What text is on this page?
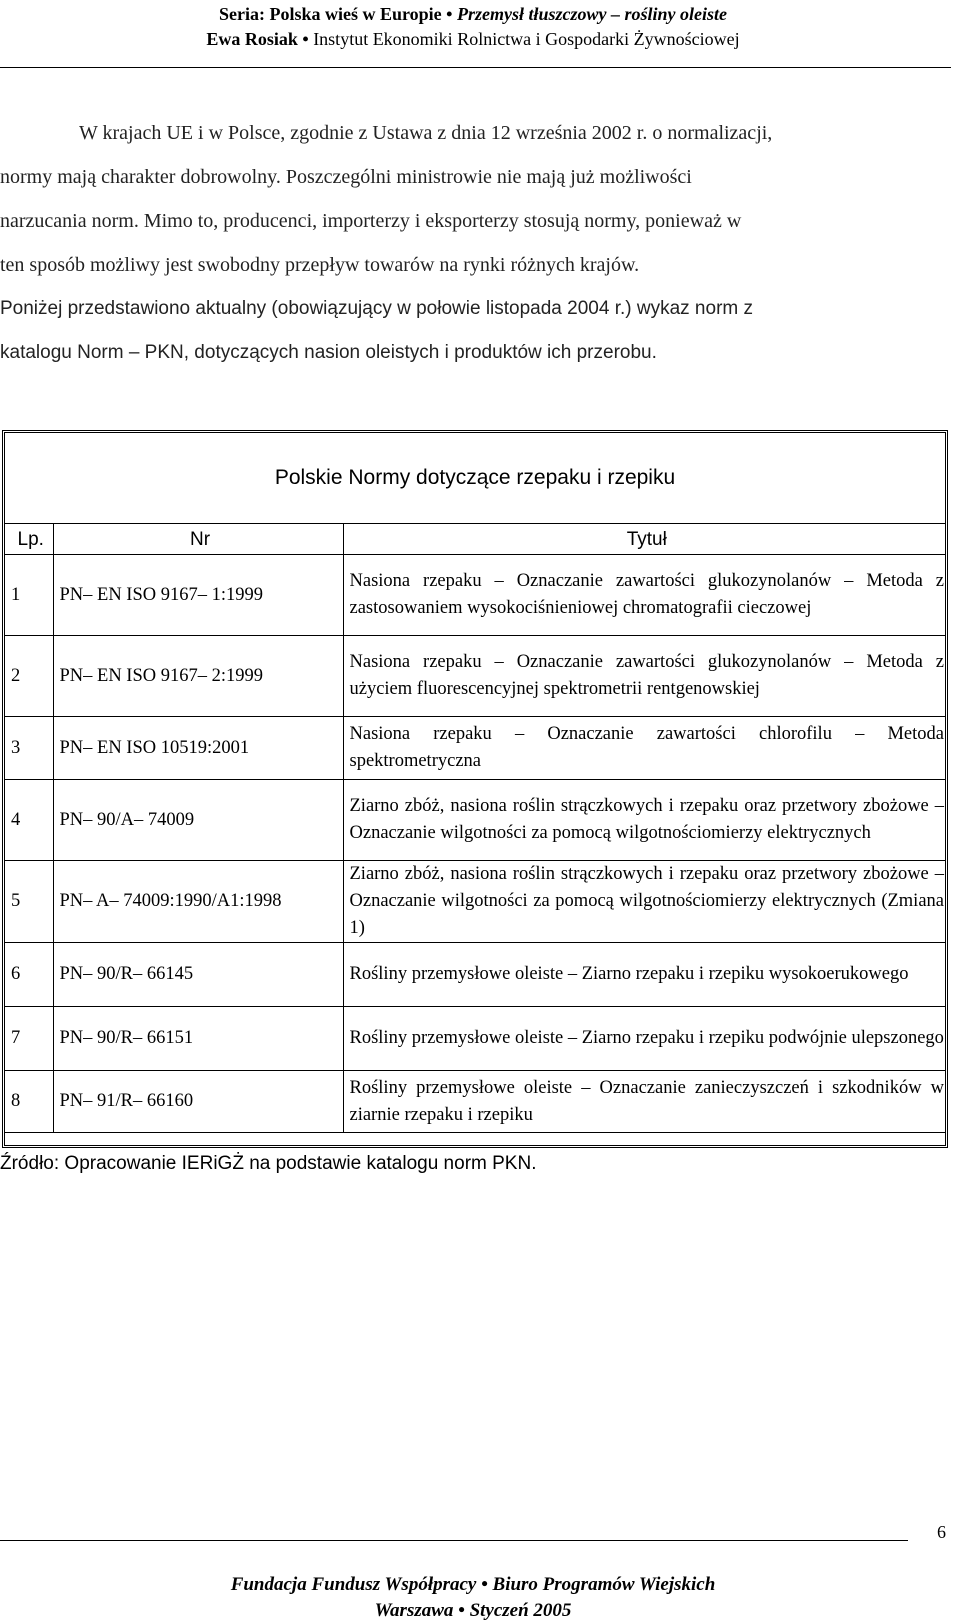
Seria: Polska wieś w Europie • Przemysł tłuszczowy – rośliny oleiste
Ewa Rosiak • Instytut Ekonomiki Rolnictwa i Gospodarki Żywnościowej
W krajach UE i w Polsce, zgodnie z Ustawa z dnia 12 września 2002 r. o normalizacji,
normy mają charakter dobrowolny. Poszczególni ministrowie nie mają już możliwości
narzucania norm. Mimo to, producenci, importerzy i eksporterzy stosują normy, ponieważ w
ten sposób możliwy jest swobodny przepływ towarów na rynki różnych krajów.
Poniżej przedstawiono aktualny (obowiązujący w połowie listopada 2004 r.) wykaz norm z
katalogu Norm – PKN, dotyczących nasion oleistych i produktów ich przerobu.
Polskie Normy dotyczące rzepaku i rzepiku
Lp.	Nr	Tytuł
1	PN– EN ISO 9167– 1:1999	Nasiona rzepaku – Oznaczanie zawartości glukozynolanów – Metoda z zastosowaniem wysokociśnieniowej chromatografii cieczowej
2	PN– EN ISO 9167– 2:1999	Nasiona rzepaku – Oznaczanie zawartości glukozynolanów – Metoda z użyciem fluorescencyjnej spektrometrii rentgenowskiej
3	PN– EN ISO 10519:2001	Nasiona rzepaku – Oznaczanie zawartości chlorofilu – Metoda spektrometryczna
4	PN– 90/A– 74009	Ziarno zbóż, nasiona roślin strączkowych i rzepaku oraz przetwory zbożowe – Oznaczanie wilgotności za pomocą wilgotnościomierzy elektrycznych
5	PN– A– 74009:1990/A1:1998	Ziarno zbóż, nasiona roślin strączkowych i rzepaku oraz przetwory zbożowe – Oznaczanie wilgotności za pomocą wilgotnościomierzy elektrycznych (Zmiana 1)
6	PN– 90/R– 66145	Rośliny przemysłowe oleiste – Ziarno rzepaku i rzepiku wysokoerukowego
7	PN– 90/R– 66151	Rośliny przemysłowe oleiste – Ziarno rzepaku i rzepiku podwójnie ulepszonego
8	PN– 91/R– 66160	Rośliny przemysłowe oleiste – Oznaczanie zanieczyszczeń i szkodników w ziarnie rzepaku i rzepiku
Źródło: Opracowanie IERiGŻ na podstawie katalogu norm PKN.
6
Fundacja Fundusz Współpracy • Biuro Programów Wiejskich
Warszawa • Styczeń 2005
